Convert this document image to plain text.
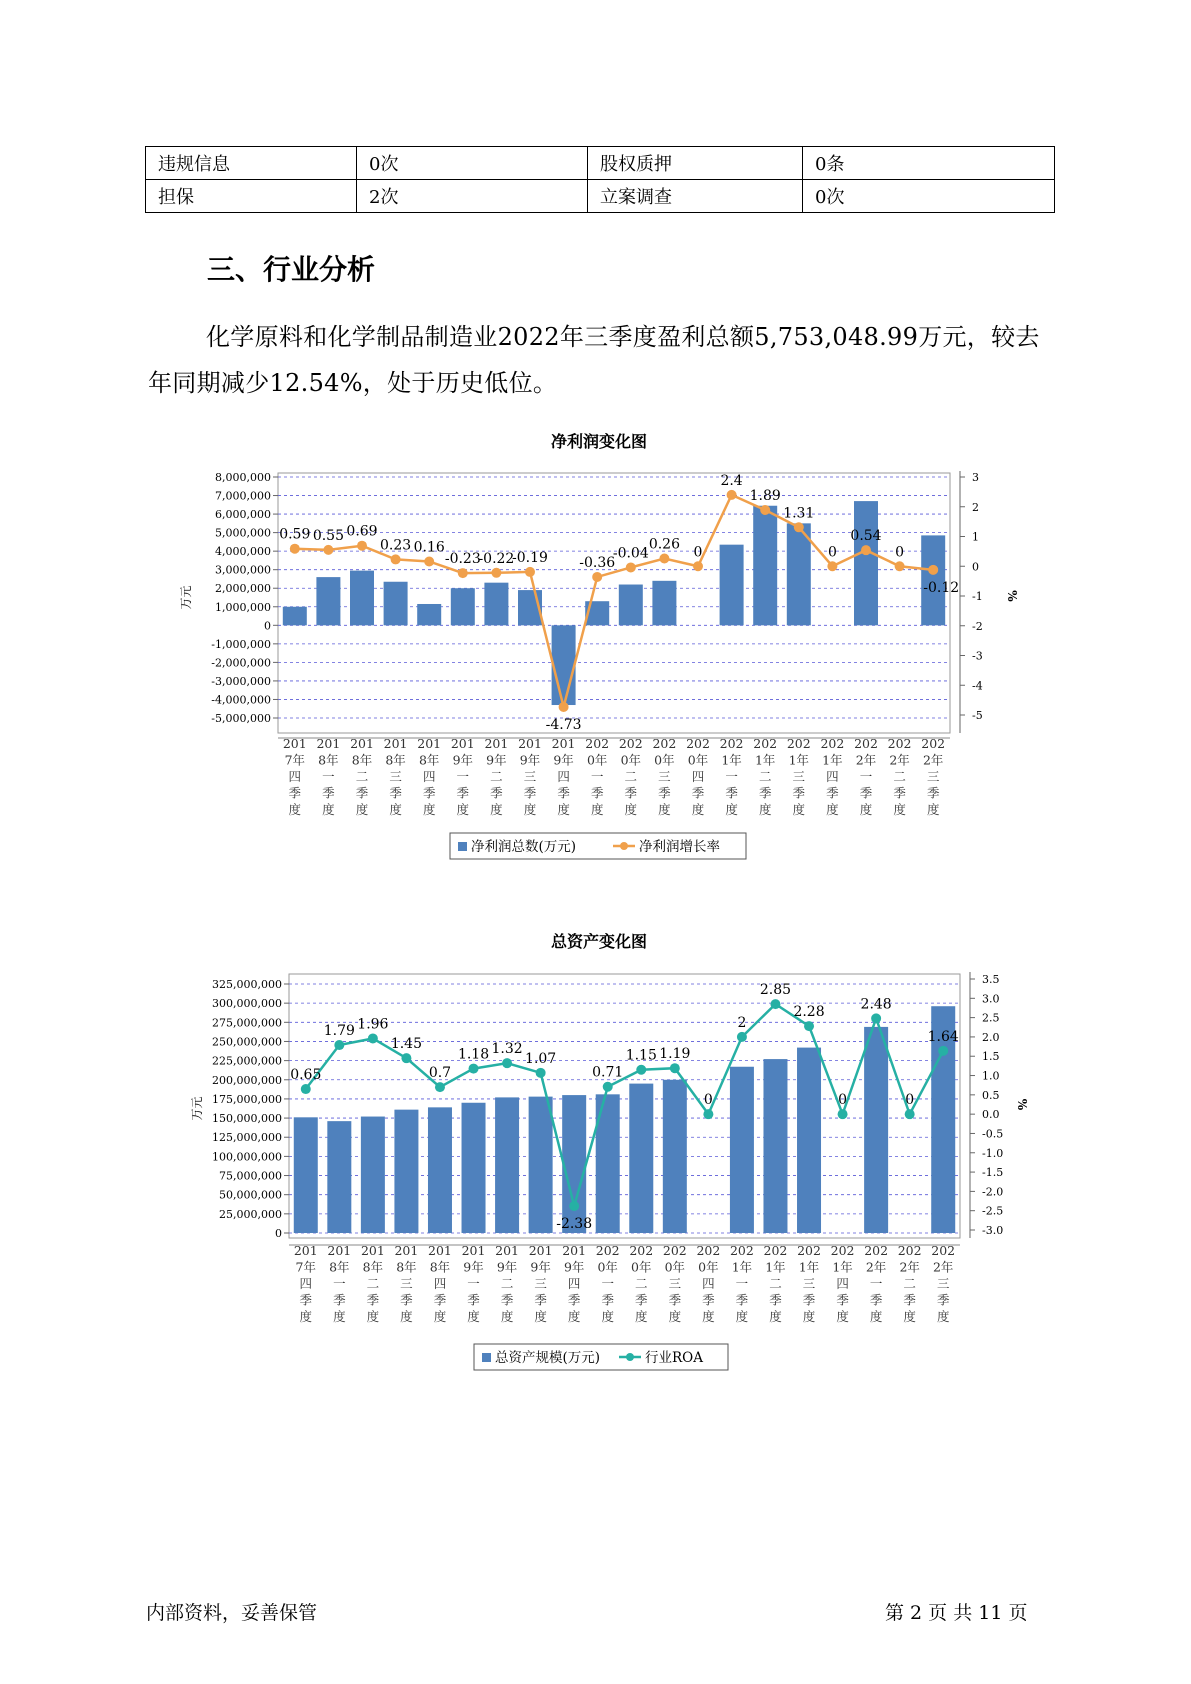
违规信息	0次	股权质押	0条
担保	2次	立案调查	0次
三、行业分析
化学原料和化学制品制造业2022年三季度盈利总额5,753,048.99万元，较去年同期减少12.54%，处于历史低位。
净利润变化图
8,000,000
7,000,000
6,000,000
5,000,000
4,000,000
3,000,000
2,000,000
1,000,000
0
-1,000,000
-2,000,000
-3,000,000
-4,000,000
-5,000,000
万元
3
2
1
0
-1
-2
-3
-4
-5
%
0.59 0.55 0.69
0.23 0.16
-0.23
-0.22
-0.19
-4.73
-0.36
-0.04
0.26 0
2.4
1.89
1.31
0
0.54
0
-0.12
201 7年四季度
201 8年一季度
201 8年二季度
201 8年三季度
201 8年四季度
201 9年一季度
201 9年二季度
201 9年三季度
201 9年四季度
202 0年一季度
202 0年二季度
202 0年三季度
202 0年四季度
202 1年一季度
202 1年二季度
202 1年三季度
202 1年四季度
202 2年一季度
202 2年二季度
202 2年三季度
净利润总数(万元)	净利润增长率
总资产变化图
325,000,000
300,000,000
275,000,000
250,000,000
225,000,000
200,000,000
175,000,000
150,000,000
125,000,000
100,000,000
75,000,000
50,000,000
25,000,000
0
万元
3.5
3.0
2.5
2.0
1.5
1.0
0.5
0.0
-0.5
-1.0
-1.5
-2.0
-2.5
-3.0
%
0.65
1.79 1.96
1.45
0.7
1.18 1.32
1.07
-2.38
0.71
1.15 1.19
0
2
2.85
2.28
0
2.48
0
1.64
201 7年四季度
201 8年一季度
201 8年二季度
201 8年三季度
201 8年四季度
201 9年一季度
201 9年二季度
201 9年三季度
201 9年四季度
202 0年一季度
202 0年二季度
202 0年三季度
202 0年四季度
202 1年一季度
202 1年二季度
202 1年三季度
202 1年四季度
202 2年一季度
202 2年二季度
202 2年三季度
总资产规模(万元)	行业ROA
内部资料，妥善保管	第 2 页 共 11 页
